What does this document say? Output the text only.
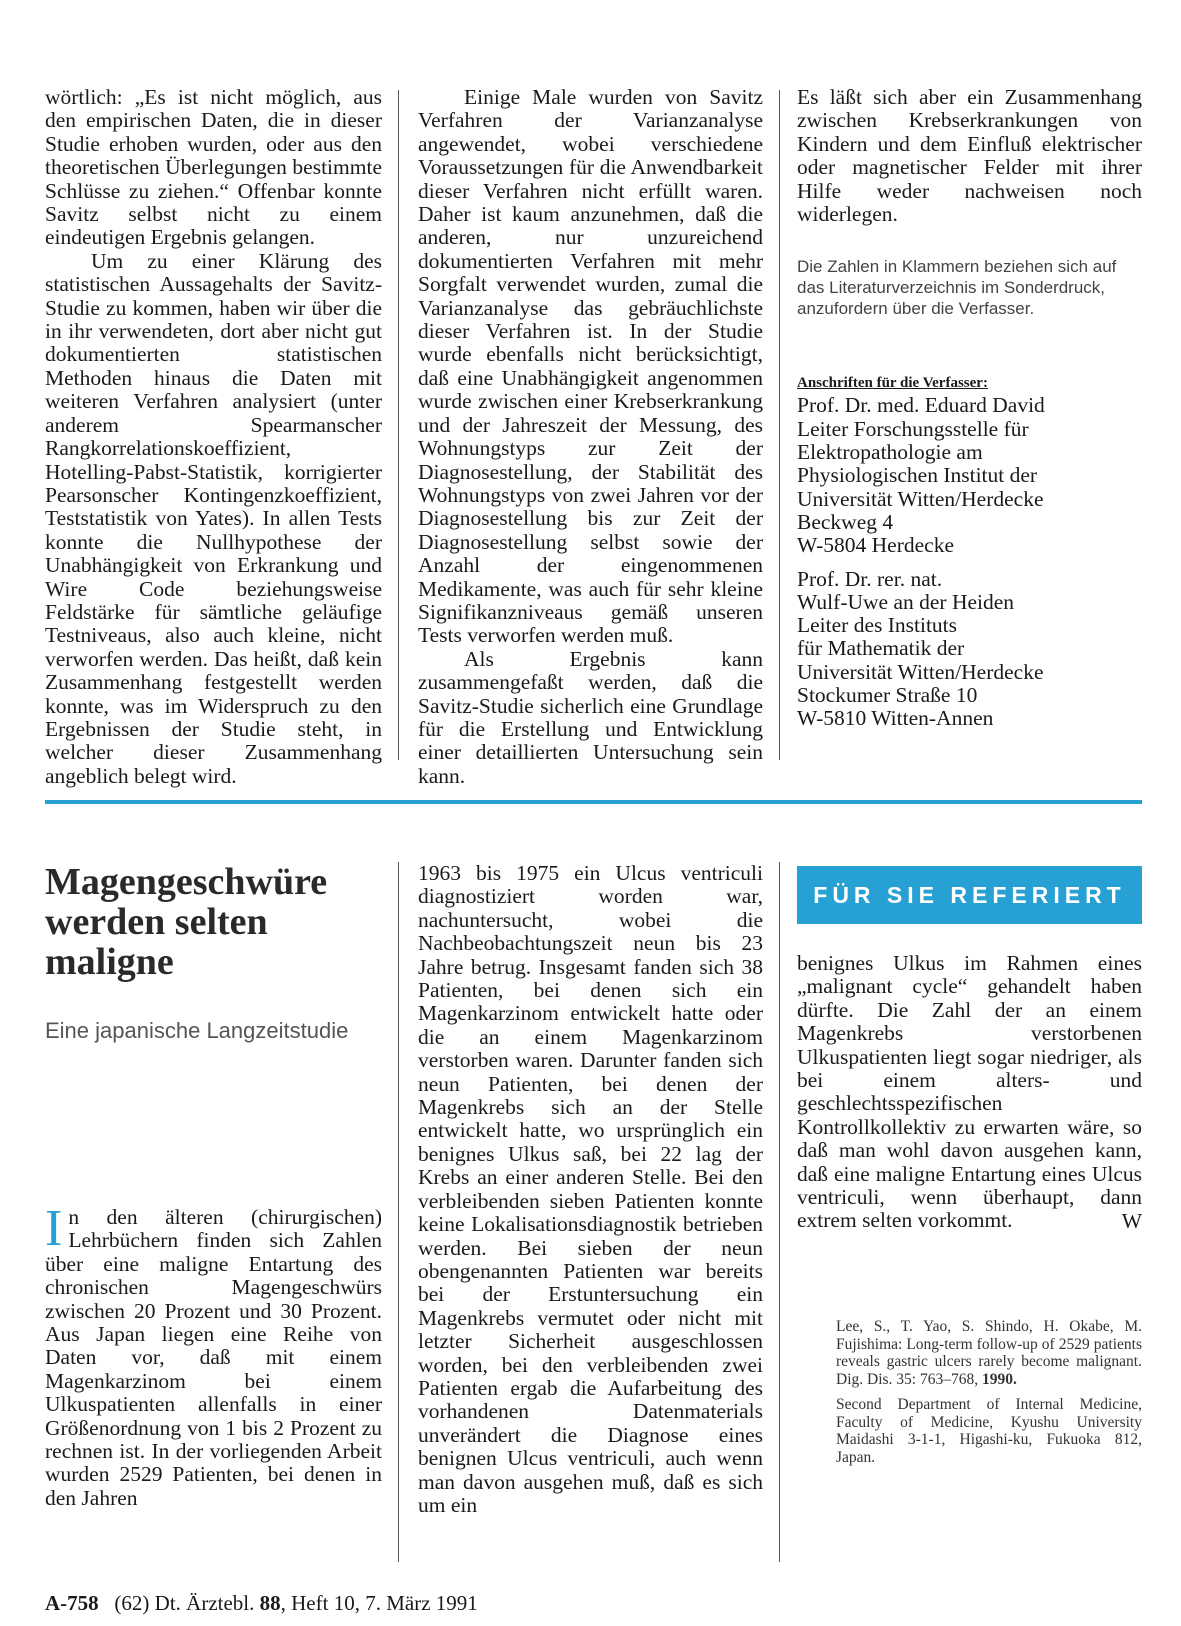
wörtlich: „Es ist nicht möglich, aus den empirischen Daten, die in dieser Studie erhoben wurden, oder aus den theoretischen Überlegungen bestimmte Schlüsse zu ziehen.“ Offenbar konnte Savitz selbst nicht zu einem eindeutigen Ergebnis gelangen.

Um zu einer Klärung des statistischen Aussagehalts der Savitz-Studie zu kommen, haben wir über die in ihr verwendeten, dort aber nicht gut dokumentierten statistischen Methoden hinaus die Daten mit weiteren Verfahren analysiert (unter anderem Spearmanscher Rangkorrelationskoeffizient, Hotelling-Pabst-Statistik, korrigierter Pearsonscher Kontingenzkoeffizient, Teststatistik von Yates). In allen Tests konnte die Nullhypothese der Unabhängigkeit von Erkrankung und Wire Code beziehungsweise Feldstärke für sämtliche geläufige Testniveaus, also auch kleine, nicht verworfen werden. Das heißt, daß kein Zusammenhang festgestellt werden konnte, was im Widerspruch zu den Ergebnissen der Studie steht, in welcher dieser Zusammenhang angeblich belegt wird.

Einige Male wurden von Savitz Verfahren der Varianzanalyse angewendet, wobei verschiedene Voraussetzungen für die Anwendbarkeit dieser Verfahren nicht erfüllt waren. Daher ist kaum anzunehmen, daß die anderen, nur unzureichend dokumentierten Verfahren mit mehr Sorgfalt verwendet wurden, zumal die Varianzanalyse das gebräuchlichste dieser Verfahren ist. In der Studie wurde ebenfalls nicht berücksichtigt, daß eine Unabhängigkeit angenommen wurde zwischen einer Krebserkrankung und der Jahreszeit der Messung, des Wohnungstyps zur Zeit der Diagnosestellung, der Stabilität des Wohnungstyps von zwei Jahren vor der Diagnosestellung bis zur Zeit der Diagnosestellung selbst sowie der Anzahl der eingenommenen Medikamente, was auch für sehr kleine Signifikanzniveaus gemäß unseren Tests verworfen werden muß.

Als Ergebnis kann zusammengefaßt werden, daß die Savitz-Studie sicherlich eine Grundlage für die Erstellung und Entwicklung einer detaillierten Untersuchung sein kann.

Es läßt sich aber ein Zusammenhang zwischen Krebserkrankungen von Kindern und dem Einfluß elektrischer oder magnetischer Felder mit ihrer Hilfe weder nachweisen noch widerlegen.

Die Zahlen in Klammern beziehen sich auf das Literaturverzeichnis im Sonderdruck, anzufordern über die Verfasser.

Anschriften für die Verfasser:

Prof. Dr. med. Eduard David

Leiter Forschungsstelle für

Elektropathologie am

Physiologischen Institut der

Universität Witten/Herdecke

Beckweg 4

W-5804 Herdecke

Prof. Dr. rer. nat.

Wulf-Uwe an der Heiden

Leiter des Instituts

für Mathematik der

Universität Witten/Herdecke

Stockumer Straße 10

W-5810 Witten-Annen

Magengeschwüre werden selten maligne

Eine japanische Langzeitstudie

In den älteren (chirurgischen) Lehrbüchern finden sich Zahlen über eine maligne Entartung des chronischen Magengeschwürs zwischen 20 Prozent und 30 Prozent. Aus Japan liegen eine Reihe von Daten vor, daß mit einem Magenkarzinom bei einem Ulkuspatienten allenfalls in einer Größenordnung von 1 bis 2 Prozent zu rechnen ist. In der vorliegenden Arbeit wurden 2529 Patienten, bei denen in den Jahren

1963 bis 1975 ein Ulcus ventriculi diagnostiziert worden war, nachuntersucht, wobei die Nachbeobachtungszeit neun bis 23 Jahre betrug. Insgesamt fanden sich 38 Patienten, bei denen sich ein Magenkarzinom entwickelt hatte oder die an einem Magenkarzinom verstorben waren. Darunter fanden sich neun Patienten, bei denen der Magenkrebs sich an der Stelle entwickelt hatte, wo ursprünglich ein benignes Ulkus saß, bei 22 lag der Krebs an einer anderen Stelle. Bei den verbleibenden sieben Patienten konnte keine Lokalisationsdiagnostik betrieben werden. Bei sieben der neun obengenannten Patienten war bereits bei der Erstuntersuchung ein Magenkrebs vermutet oder nicht mit letzter Sicherheit ausgeschlossen worden, bei den verbleibenden zwei Patienten ergab die Aufarbeitung des vorhandenen Datenmaterials unverändert die Diagnose eines benignen Ulcus ventriculi, auch wenn man davon ausgehen muß, daß es sich um ein

FÜR SIE REFERIERT

benignes Ulkus im Rahmen eines „malignant cycle“ gehandelt haben dürfte. Die Zahl der an einem Magenkrebs verstorbenen Ulkuspatienten liegt sogar niedriger, als bei einem alters- und geschlechtsspezifischen Kontrollkollektiv zu erwarten wäre, so daß man wohl davon ausgehen kann, daß eine maligne Entartung eines Ulcus ventriculi, wenn überhaupt, dann extrem selten vorkommt.	W

Lee, S., T. Yao, S. Shindo, H. Okabe, M. Fujishima: Long-term follow-up of 2529 patients reveals gastric ulcers rarely become malignant. Dig. Dis. 35: 763–768, 1990.

Second Department of Internal Medicine, Faculty of Medicine, Kyushu University Maidashi 3-1-1, Higashi-ku, Fukuoka 812, Japan.

A-758 (62) Dt. Ärztebl. 88, Heft 10, 7. März 1991
